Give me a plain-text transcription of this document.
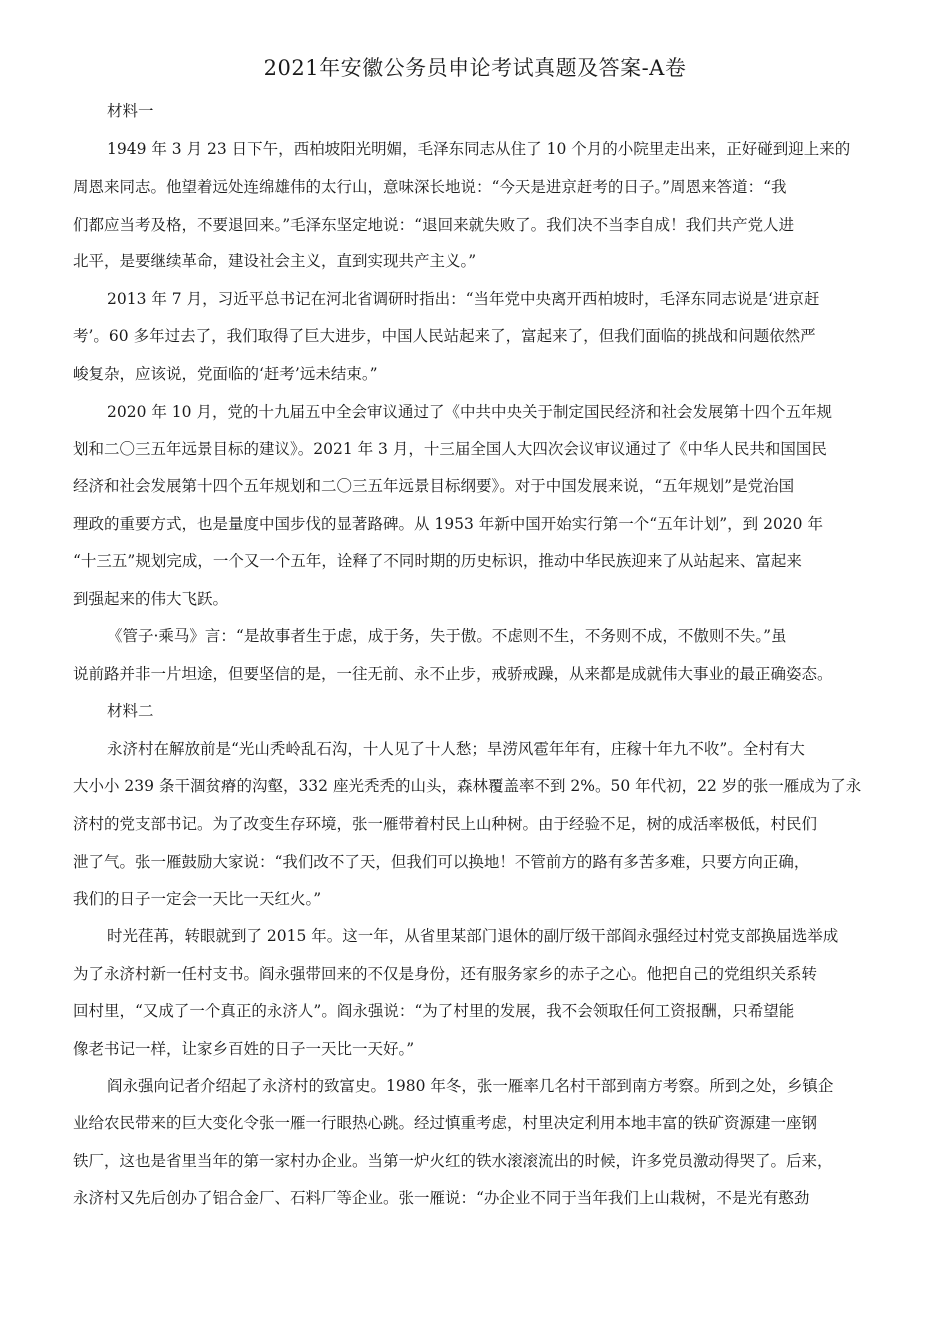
2021年安徽公务员申论考试真题及答案-A卷
材料一
1949 年 3 月 23 日下午，西柏坡阳光明媚，毛泽东同志从住了 10 个月的小院里走出来，正好碰到迎上来的
周恩来同志。他望着远处连绵雄伟的太行山，意味深长地说：“今天是进京赶考的日子。”周恩来答道：“我
们都应当考及格，不要退回来。”毛泽东坚定地说：“退回来就失败了。我们决不当李自成！我们共产党人进
北平，是要继续革命，建设社会主义，直到实现共产主义。”
2013 年 7 月，习近平总书记在河北省调研时指出：“当年党中央离开西柏坡时，毛泽东同志说是‘进京赶
考’。60 多年过去了，我们取得了巨大进步，中国人民站起来了，富起来了，但我们面临的挑战和问题依然严
峻复杂，应该说，党面临的‘赶考’远未结束。”
2020 年 10 月，党的十九届五中全会审议通过了《中共中央关于制定国民经济和社会发展第十四个五年规
划和二〇三五年远景目标的建议》。2021 年 3 月，十三届全国人大四次会议审议通过了《中华人民共和国国民
经济和社会发展第十四个五年规划和二〇三五年远景目标纲要》。对于中国发展来说，“五年规划”是党治国
理政的重要方式，也是量度中国步伐的显著路碑。从 1953 年新中国开始实行第一个“五年计划”，到 2020 年
“十三五”规划完成，一个又一个五年，诠释了不同时期的历史标识，推动中华民族迎来了从站起来、富起来
到强起来的伟大飞跃。
《管子·乘马》言：“是故事者生于虑，成于务，失于傲。不虑则不生，不务则不成，不傲则不失。”虽
说前路并非一片坦途，但要坚信的是，一往无前、永不止步，戒骄戒躁，从来都是成就伟大事业的最正确姿态。
材料二
永济村在解放前是“光山秃岭乱石沟，十人见了十人愁；旱涝风雹年年有，庄稼十年九不收”。全村有大
大小小 239 条干涸贫瘠的沟壑，332 座光秃秃的山头，森林覆盖率不到 2%。50 年代初，22 岁的张一雁成为了永
济村的党支部书记。为了改变生存环境，张一雁带着村民上山种树。由于经验不足，树的成活率极低，村民们
泄了气。张一雁鼓励大家说：“我们改不了天，但我们可以换地！不管前方的路有多苦多难，只要方向正确，
我们的日子一定会一天比一天红火。”
时光荏苒，转眼就到了 2015 年。这一年，从省里某部门退休的副厅级干部阎永强经过村党支部换届选举成
为了永济村新一任村支书。阎永强带回来的不仅是身份，还有服务家乡的赤子之心。他把自己的党组织关系转
回村里，“又成了一个真正的永济人”。阎永强说：“为了村里的发展，我不会领取任何工资报酬，只希望能
像老书记一样，让家乡百姓的日子一天比一天好。”
阎永强向记者介绍起了永济村的致富史。1980 年冬，张一雁率几名村干部到南方考察。所到之处，乡镇企
业给农民带来的巨大变化令张一雁一行眼热心跳。经过慎重考虑，村里决定利用本地丰富的铁矿资源建一座钢
铁厂，这也是省里当年的第一家村办企业。当第一炉火红的铁水滚滚流出的时候，许多党员激动得哭了。后来，
永济村又先后创办了铝合金厂、石料厂等企业。张一雁说：“办企业不同于当年我们上山栽树，不是光有憨劲
